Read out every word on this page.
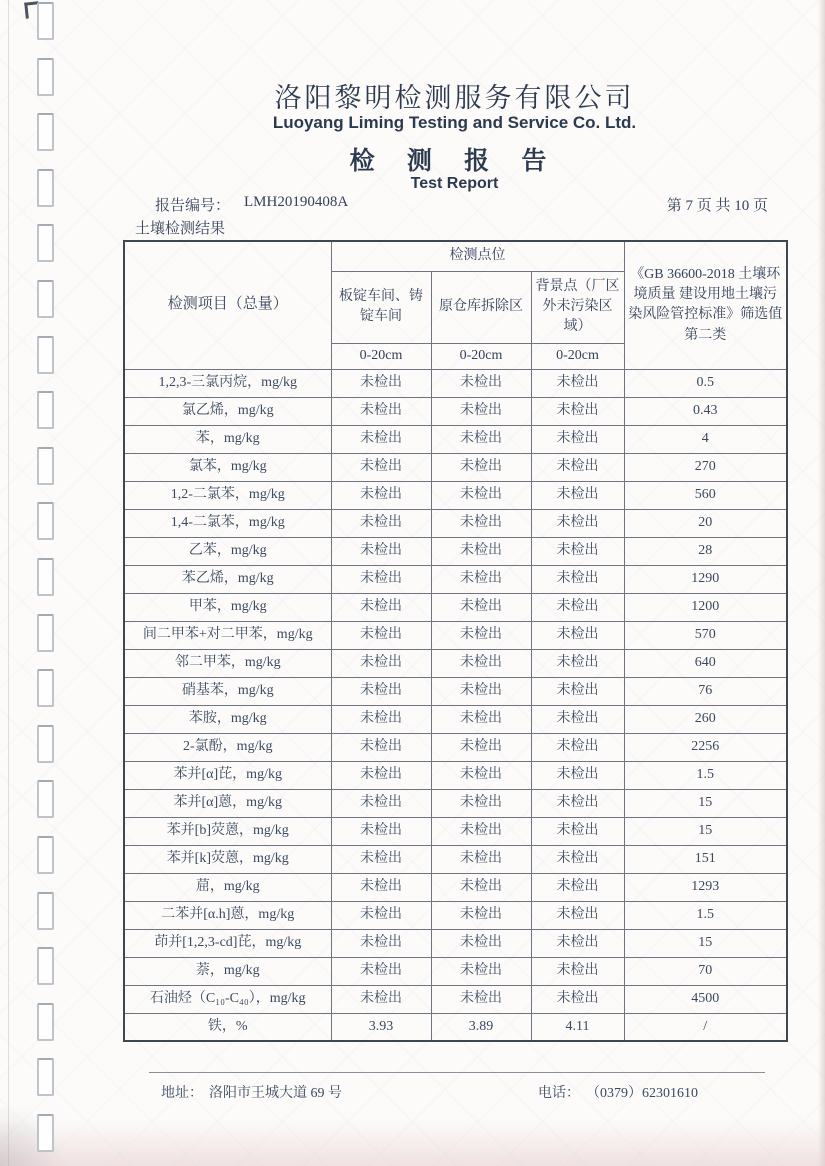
洛阳黎明检测服务有限公司
Luoyang Liming Testing and Service Co. Ltd.
检 测 报 告
Test Report
报告编号： LMH20190408A	第 7 页 共 10 页
土壤检测结果
检测项目（总量）	检测点位			《GB 36600-2018 土壤环境质量 建设用地土壤污染风险管控标准》筛选值第二类
	板锭车间、铸锭车间	原仓库拆除区	背景点（厂区外未污染区域）	
	0-20cm	0-20cm	0-20cm	
1,2,3-三氯丙烷，mg/kg	未检出	未检出	未检出	0.5
氯乙烯，mg/kg	未检出	未检出	未检出	0.43
苯，mg/kg	未检出	未检出	未检出	4
氯苯，mg/kg	未检出	未检出	未检出	270
1,2-二氯苯，mg/kg	未检出	未检出	未检出	560
1,4-二氯苯，mg/kg	未检出	未检出	未检出	20
乙苯，mg/kg	未检出	未检出	未检出	28
苯乙烯，mg/kg	未检出	未检出	未检出	1290
甲苯，mg/kg	未检出	未检出	未检出	1200
间二甲苯+对二甲苯，mg/kg	未检出	未检出	未检出	570
邻二甲苯，mg/kg	未检出	未检出	未检出	640
硝基苯，mg/kg	未检出	未检出	未检出	76
苯胺，mg/kg	未检出	未检出	未检出	260
2-氯酚，mg/kg	未检出	未检出	未检出	2256
苯并[α]芘，mg/kg	未检出	未检出	未检出	1.5
苯并[α]蒽，mg/kg	未检出	未检出	未检出	15
苯并[b]荧蒽，mg/kg	未检出	未检出	未检出	15
苯并[k]荧蒽，mg/kg	未检出	未检出	未检出	151
䓛，mg/kg	未检出	未检出	未检出	1293
二苯并[α.h]蒽，mg/kg	未检出	未检出	未检出	1.5
茚并[1,2,3-cd]芘，mg/kg	未检出	未检出	未检出	15
萘，mg/kg	未检出	未检出	未检出	70
石油烃（C₁₀-C₄₀），mg/kg	未检出	未检出	未检出	4500
铁，%	3.93	3.89	4.11	/
地址： 洛阳市王城大道 69 号	电话： （0379）62301610
